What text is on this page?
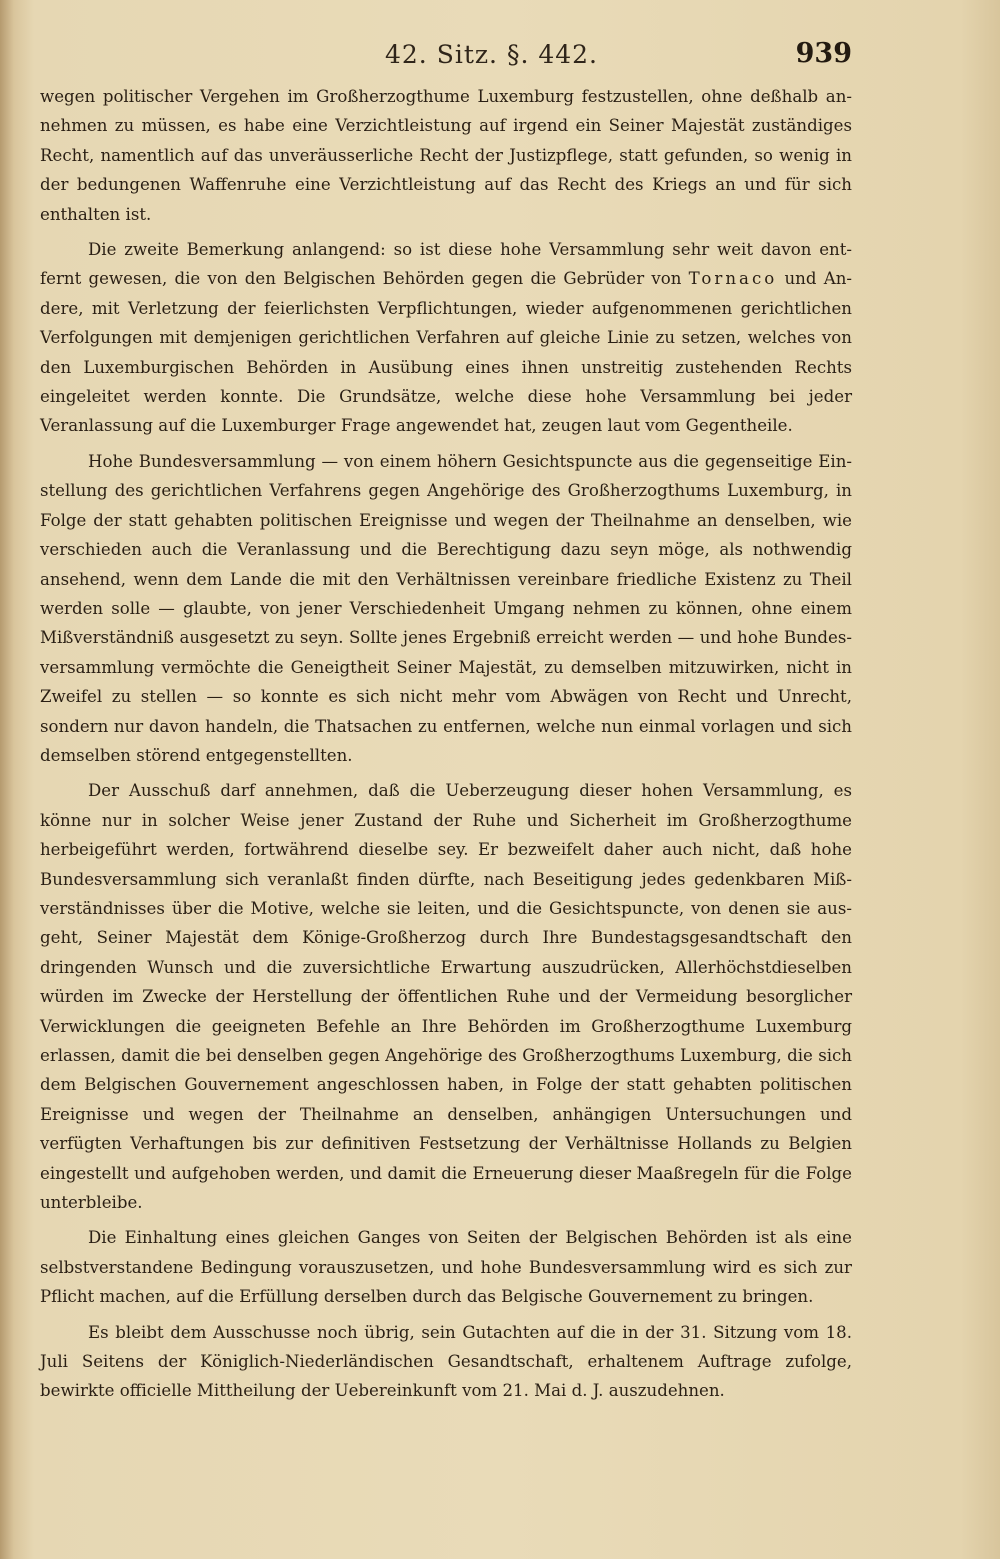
42. Sitz. §. 442.	939

wegen politischer Vergehen im Großherzogthume Luxemburg festzustellen, ohne deßhalb annehmen zu müssen, es habe eine Verzichtleistung auf irgend ein Seiner Majestät zuständiges Recht, namentlich auf das unveräusserliche Recht der Justizpflege, statt gefunden, so wenig in der bedungenen Waffenruhe eine Verzichtleistung auf das Recht des Kriegs an und für sich enthalten ist.

Die zweite Bemerkung anlangend: so ist diese hohe Versammlung sehr weit davon entfernt gewesen, die von den Belgischen Behörden gegen die Gebrüder von Tornaco und Andere, mit Verletzung der feierlichsten Verpflichtungen, wieder aufgenommenen gerichtlichen Verfolgungen mit demjenigen gerichtlichen Verfahren auf gleiche Linie zu setzen, welches von den Luxemburgischen Behörden in Ausübung eines ihnen unstreitig zustehenden Rechts eingeleitet werden konnte. Die Grundsätze, welche diese hohe Versammlung bei jeder Veranlassung auf die Luxemburger Frage angewendet hat, zeugen laut vom Gegentheile.

Hohe Bundesversammlung — von einem höhern Gesichtspuncte aus die gegenseitige Einstellung des gerichtlichen Verfahrens gegen Angehörige des Großherzogthums Luxemburg, in Folge der statt gehabten politischen Ereignisse und wegen der Theilnahme an denselben, wie verschieden auch die Veranlassung und die Berechtigung dazu seyn möge, als nothwendig ansehend, wenn dem Lande die mit den Verhältnissen vereinbare friedliche Existenz zu Theil werden solle — glaubte, von jener Verschiedenheit Umgang nehmen zu können, ohne einem Mißverständniß ausgesetzt zu seyn. Sollte jenes Ergebniß erreicht werden — und hohe Bundesversammlung vermöchte die Geneigtheit Seiner Majestät, zu demselben mitzuwirken, nicht in Zweifel zu stellen — so konnte es sich nicht mehr vom Abwägen von Recht und Unrecht, sondern nur davon handeln, die Thatsachen zu entfernen, welche nun einmal vorlagen und sich demselben störend entgegenstellten.

Der Ausschuß darf annehmen, daß die Ueberzeugung dieser hohen Versammlung, es könne nur in solcher Weise jener Zustand der Ruhe und Sicherheit im Großherzogthume herbeigeführt werden, fortwährend dieselbe sey. Er bezweifelt daher auch nicht, daß hohe Bundesversammlung sich veranlaßt finden dürfte, nach Beseitigung jedes gedenkbaren Mißverständnisses über die Motive, welche sie leiten, und die Gesichtspuncte, von denen sie ausgeht, Seiner Majestät dem Könige-Großherzog durch Ihre Bundestagsgesandtschaft den dringenden Wunsch und die zuversichtliche Erwartung auszudrücken, Allerhöchstdieselben würden im Zwecke der Herstellung der öffentlichen Ruhe und der Vermeidung besorglicher Verwicklungen die geeigneten Befehle an Ihre Behörden im Großherzogthume Luxemburg erlassen, damit die bei denselben gegen Angehörige des Großherzogthums Luxemburg, die sich dem Belgischen Gouvernement angeschlossen haben, in Folge der statt gehabten politischen Ereignisse und wegen der Theilnahme an denselben, anhängigen Untersuchungen und verfügten Verhaftungen bis zur definitiven Festsetzung der Verhältnisse Hollands zu Belgien eingestellt und aufgehoben werden, und damit die Erneuerung dieser Maaßregeln für die Folge unterbleibe.

Die Einhaltung eines gleichen Ganges von Seiten der Belgischen Behörden ist als eine selbstverstandene Bedingung vorauszusetzen, und hohe Bundesversammlung wird es sich zur Pflicht machen, auf die Erfüllung derselben durch das Belgische Gouvernement zu bringen.

Es bleibt dem Ausschusse noch übrig, sein Gutachten auf die in der 31. Sitzung vom 18. Juli Seitens der Königlich-Niederländischen Gesandtschaft, erhaltenem Auftrage zufolge, bewirkte officielle Mittheilung der Uebereinkunft vom 21. Mai d. J. auszudehnen.
